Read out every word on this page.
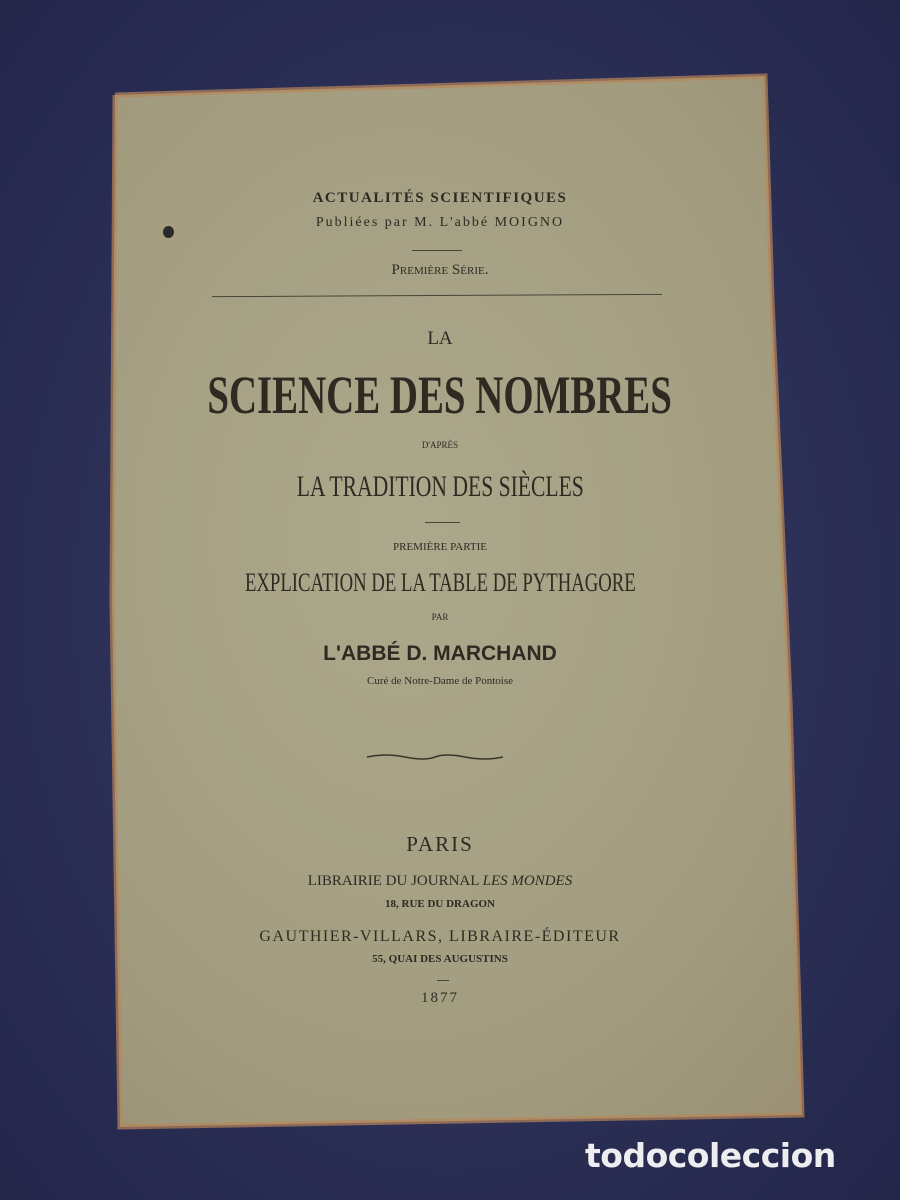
ACTUALITÉS SCIENTIFIQUES
Publiées par M. L'abbé MOIGNO
Première Série.
LA
SCIENCE DES NOMBRES
D'APRÈS
LA TRADITION DES SIÈCLES
PREMIÈRE PARTIE
EXPLICATION DE LA TABLE DE PYTHAGORE
PAR
L'ABBÉ D. MARCHAND
Curé de Notre-Dame de Pontoise
PARIS
LIBRAIRIE DU JOURNAL LES MONDES
18, RUE DU DRAGON
GAUTHIER-VILLARS, LIBRAIRE-ÉDITEUR
55, QUAI DES AUGUSTINS
1877
todocoleccion
